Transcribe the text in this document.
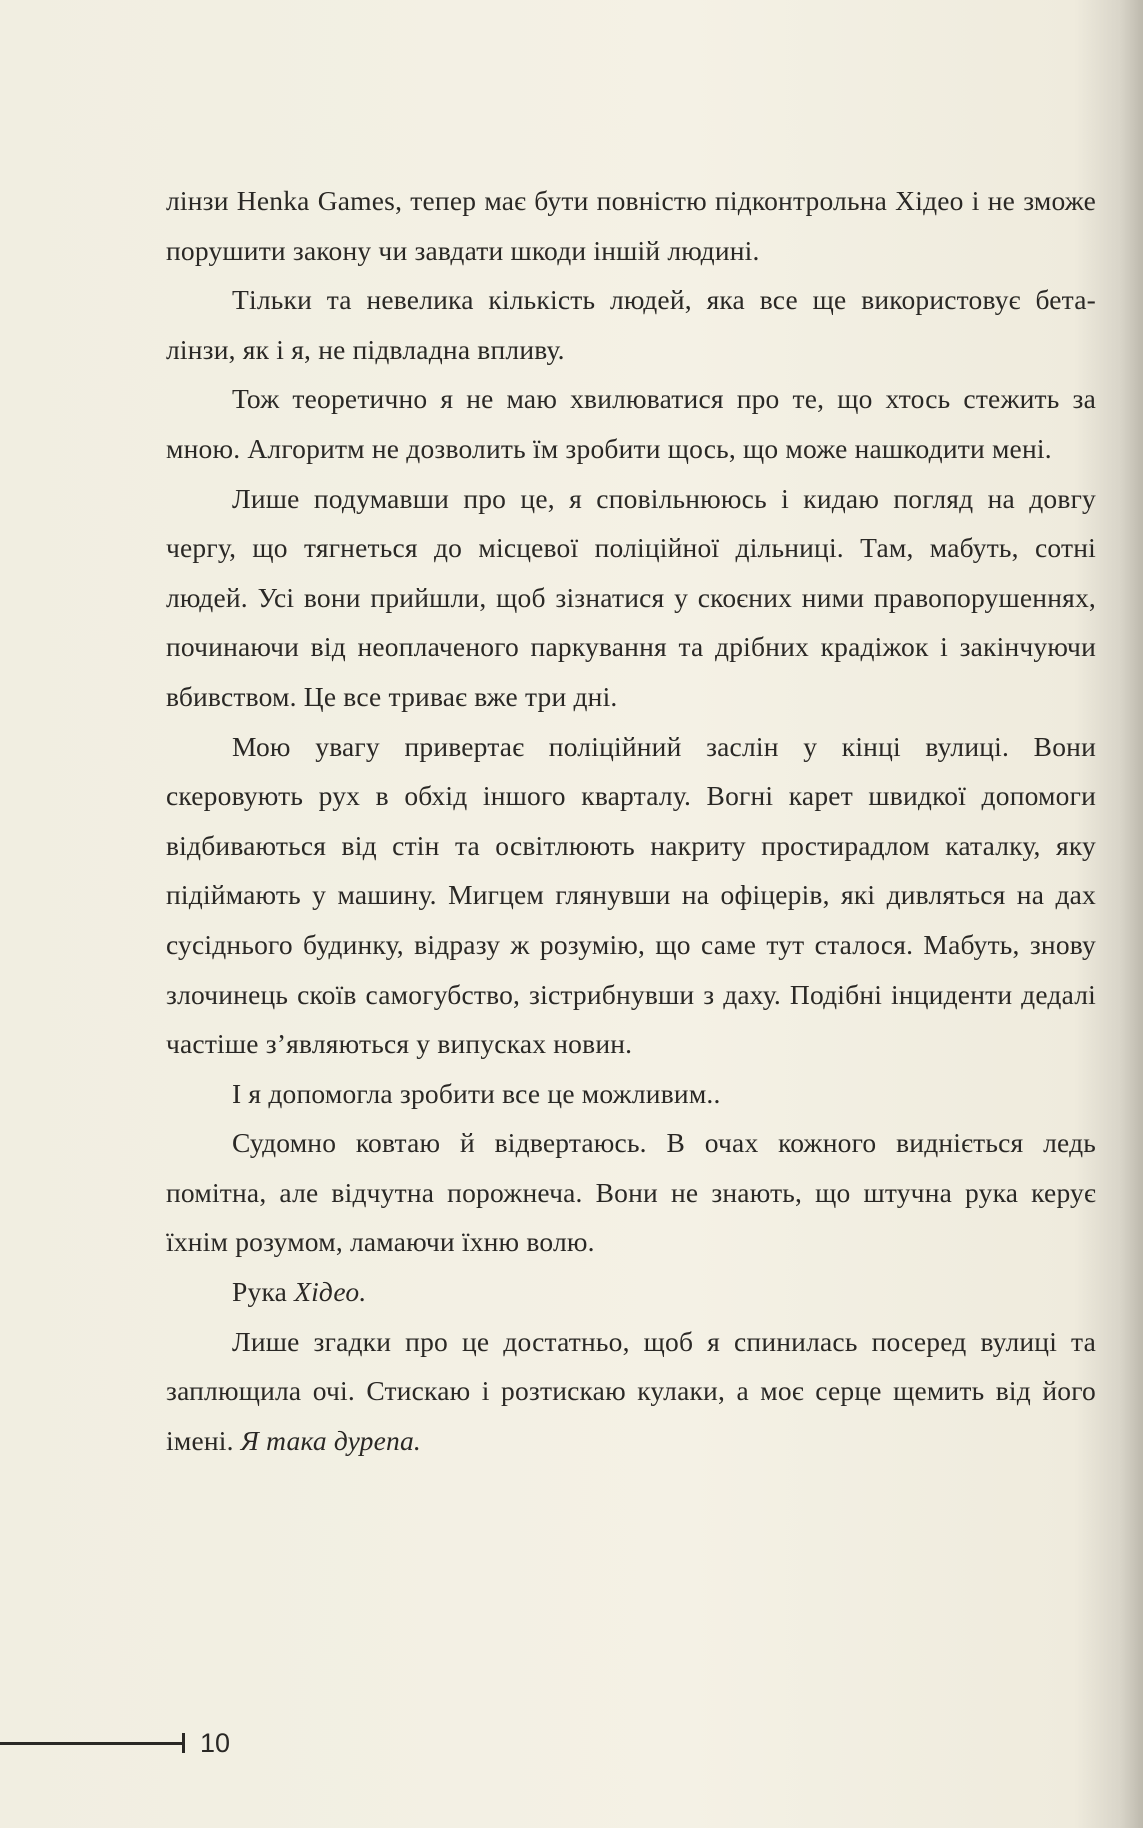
лінзи Henka Games, тепер має бути повністю підконтрольна Хідео і не зможе порушити закону чи завдати шкоди іншій людині.

Тільки та невелика кількість людей, яка все ще використовує бета-лінзи, як і я, не підвладна впливу.

Тож теоретично я не маю хвилюватися про те, що хтось стежить за мною. Алгоритм не дозволить їм зробити щось, що може нашкодити мені.

Лише подумавши про це, я сповільнююсь і кидаю погляд на довгу чергу, що тягнеться до місцевої поліційної дільниці. Там, мабуть, сотні людей. Усі вони прийшли, щоб зізнатися у скоєних ними правопорушеннях, починаючи від неоплаченого паркування та дрібних крадіжок і закінчуючи вбивством. Це все триває вже три дні.

Мою увагу привертає поліційний заслін у кінці вулиці. Вони скеровують рух в обхід іншого кварталу. Вогні карет швидкої допомоги відбиваються від стін та освітлюють накриту простирадлом каталку, яку підіймають у машину. Мигцем глянувши на офіцерів, які дивляться на дах сусіднього будинку, відразу ж розумію, що саме тут сталося. Мабуть, знову злочинець скоїв самогубство, зістрибнувши з даху. Подібні інциденти дедалі частіше з’являються у випусках новин.

І я допомогла зробити все це можливим..

Судомно ковтаю й відвертаюсь. В очах кожного видніється ледь помітна, але відчутна порожнеча. Вони не знають, що штучна рука керує їхнім розумом, ламаючи їхню волю.

Рука Хідео.

Лише згадки про це достатньо, щоб я спинилась посеред вулиці та заплющила очі. Стискаю і розтискаю кулаки, а моє серце щемить від його імені. Я така дурепа.

10
